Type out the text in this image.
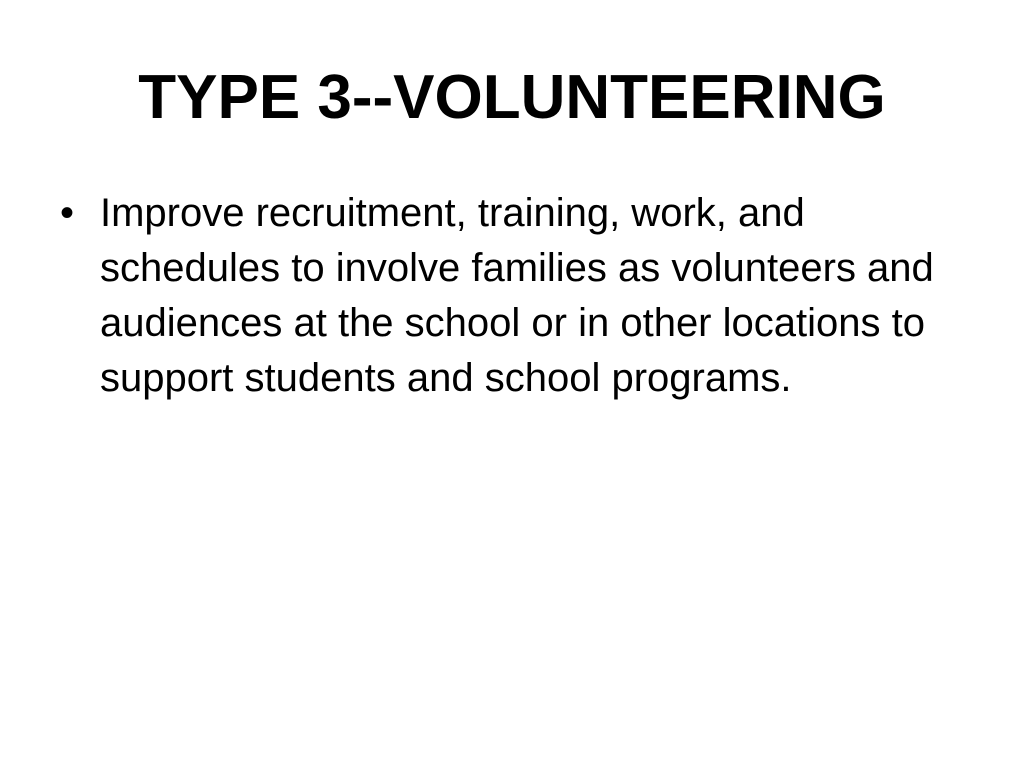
TYPE 3--VOLUNTEERING
• Improve recruitment, training, work, and schedules to involve families as volunteers and audiences at the school or in other locations to support students and school programs.
